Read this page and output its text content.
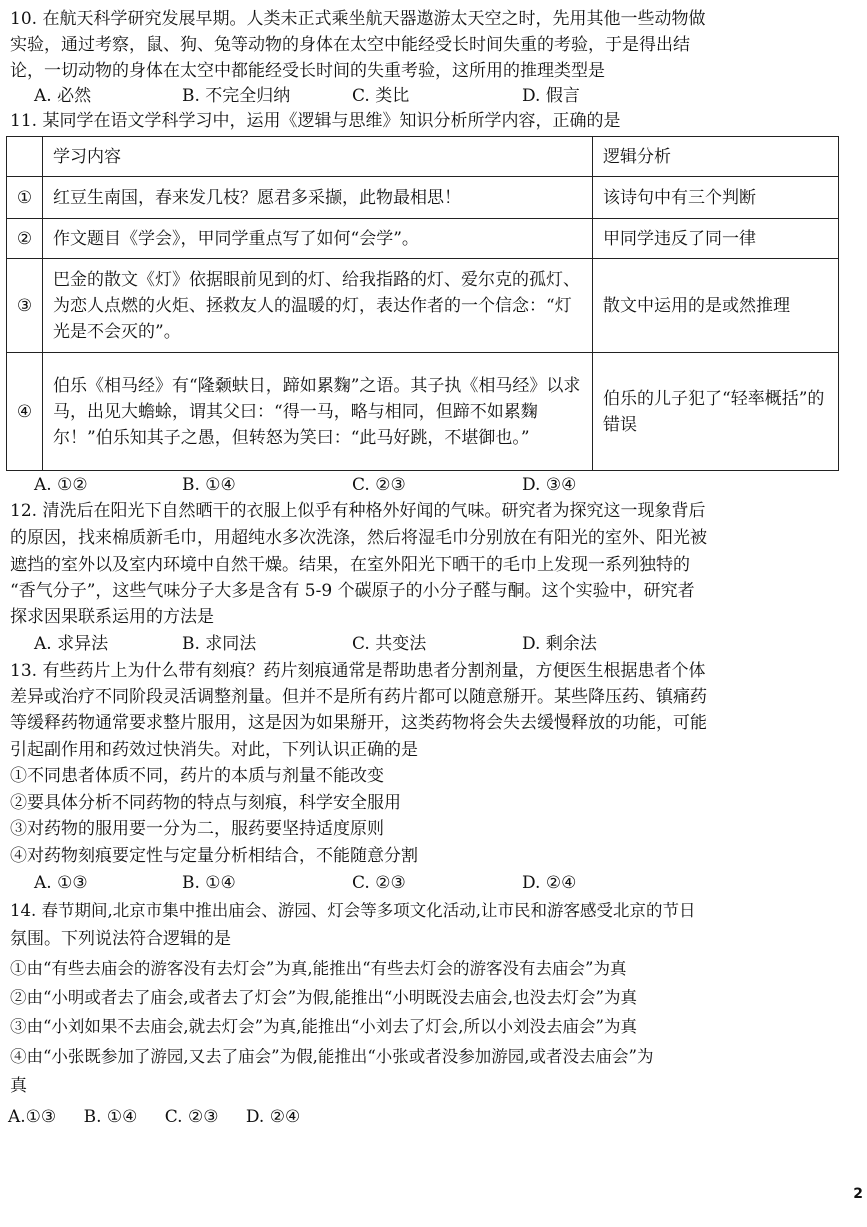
10. 在航天科学研究发展早期。人类未正式乘坐航天器遨游太天空之时，先用其他一些动物做
实验，通过考察，鼠、狗、兔等动物的身体在太空中能经受长时间失重的考验，于是得出结
论，一切动物的身体在太空中都能经受长时间的失重考验，这所用的推理类型是
A. 必然	B. 不完全归纳	C. 类比	D. 假言
11. 某同学在语文学科学习中，运用《逻辑与思维》知识分析所学内容，正确的是
	学习内容	逻辑分析
①	红豆生南国，春来发几枝？愿君多采撷，此物最相思！	该诗句中有三个判断
②	作文题目《学会》，甲同学重点写了如何“会学”。	甲同学违反了同一律
③	巴金的散文《灯》依据眼前见到的灯、给我指路的灯、爱尔克的孤灯、为恋人点燃的火炬、拯救友人的温暖的灯，表达作者的一个信念：“灯光是不会灭的”。	散文中运用的是或然推理
④	伯乐《相马经》有“隆颡蚨日，蹄如累麴”之语。其子执《相马经》以求马，出见大蟾蜍，谓其父曰：“得一马，略与相同，但蹄不如累麴尔！”伯乐知其子之愚，但转怒为笑曰：“此马好跳，不堪御也。”	伯乐的儿子犯了“轻率概括”的错误
A. ①②	B. ①④	C. ②③	D. ③④
12. 清洗后在阳光下自然晒干的衣服上似乎有种格外好闻的气味。研究者为探究这一现象背后
的原因，找来棉质新毛巾，用超纯水多次洗涤，然后将湿毛巾分别放在有阳光的室外、阳光被
遮挡的室外以及室内环境中自然干燥。结果，在室外阳光下晒干的毛巾上发现一系列独特的
“香气分子”，这些气味分子大多是含有 5-9 个碳原子的小分子醛与酮。这个实验中，研究者
探求因果联系运用的方法是
A. 求异法	B. 求同法	C. 共变法	D. 剩余法
13. 有些药片上为什么带有刻痕？药片刻痕通常是帮助患者分割剂量，方便医生根据患者个体
差异或治疗不同阶段灵活调整剂量。但并不是所有药片都可以随意掰开。某些降压药、镇痛药
等缓释药物通常要求整片服用，这是因为如果掰开，这类药物将会失去缓慢释放的功能，可能
引起副作用和药效过快消失。对此，下列认识正确的是
①不同患者体质不同，药片的本质与剂量不能改变
②要具体分析不同药物的特点与刻痕，科学安全服用
③对药物的服用要一分为二，服药要坚持适度原则
④对药物刻痕要定性与定量分析相结合，不能随意分割
A. ①③	B. ①④	C. ②③	D. ②④
14. 春节期间,北京市集中推出庙会、游园、灯会等多项文化活动,让市民和游客感受北京的节日
氛围。下列说法符合逻辑的是
①由“有些去庙会的游客没有去灯会”为真,能推出“有些去灯会的游客没有去庙会”为真
②由“小明或者去了庙会,或者去了灯会”为假,能推出“小明既没去庙会,也没去灯会”为真
③由“小刘如果不去庙会,就去灯会”为真,能推出“小刘去了灯会,所以小刘没去庙会”为真
④由“小张既参加了游园,又去了庙会”为假,能推出“小张或者没参加游园,或者没去庙会”为
真
A.①③ B. ①④ C. ②③ D. ②④
2
